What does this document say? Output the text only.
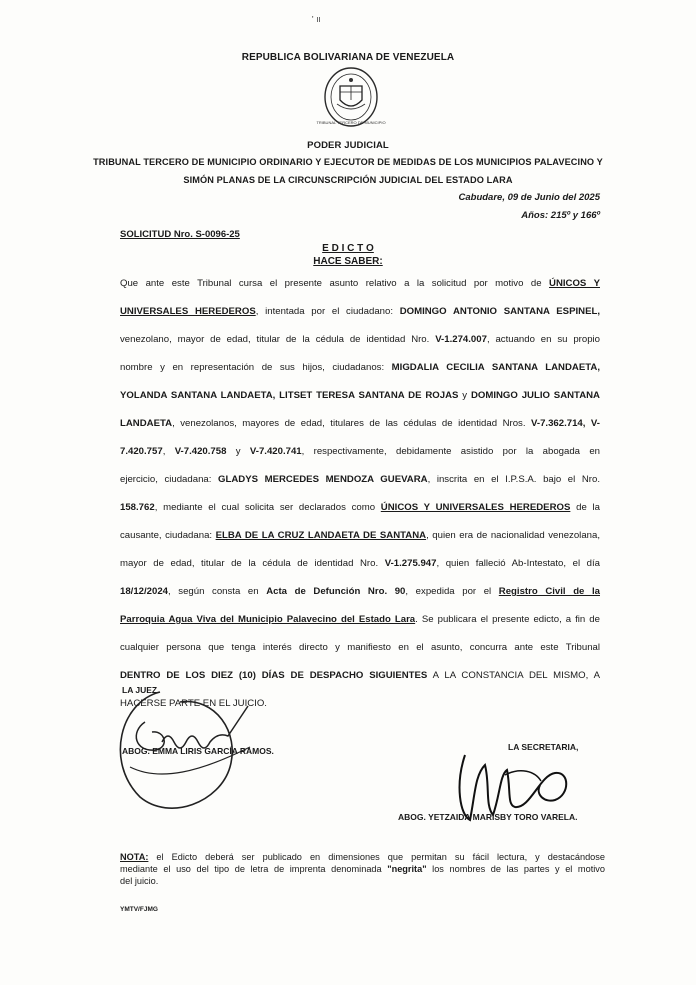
' ॥
REPUBLICA BOLIVARIANA DE VENEZUELA
TRIBUNAL TERCERO DE MUNICIPIO
PODER JUDICIAL
TRIBUNAL TERCERO DE MUNICIPIO ORDINARIO Y EJECUTOR DE MEDIDAS DE LOS MUNICIPIOS PALAVECINO Y
SIMÓN PLANAS DE LA CIRCUNSCRIPCIÓN JUDICIAL DEL ESTADO LARA
Cabudare, 09 de Junio del 2025
Años: 215º y 166º
SOLICITUD Nro. S-0096-25
E D I C T O
HACE SABER:
Que ante este Tribunal cursa el presente asunto relativo a la solicitud por motivo de ÚNICOS Y
UNIVERSALES HEREDEROS, intentada por el ciudadano: DOMINGO ANTONIO SANTANA ESPINEL,
venezolano, mayor de edad, titular de la cédula de identidad Nro. V-1.274.007, actuando en su propio
nombre y en representación de sus hijos, ciudadanos: MIGDALIA CECILIA SANTANA LANDAETA,
YOLANDA SANTANA LANDAETA, LITSET TERESA SANTANA DE ROJAS y DOMINGO JULIO SANTANA
LANDAETA, venezolanos, mayores de edad, titulares de las cédulas de identidad Nros. V-7.362.714, V-
7.420.757, V-7.420.758 y V-7.420.741, respectivamente, debidamente asistido por la abogada en
ejercicio, ciudadana: GLADYS MERCEDES MENDOZA GUEVARA, inscrita en el I.P.S.A. bajo el Nro.
158.762, mediante el cual solicita ser declarados como ÚNICOS Y UNIVERSALES HEREDEROS de la
causante, ciudadana: ELBA DE LA CRUZ LANDAETA DE SANTANA, quien era de nacionalidad venezolana,
mayor de edad, titular de la cédula de identidad Nro. V-1.275.947, quien falleció Ab-Intestato, el día
18/12/2024, según consta en Acta de Defunción Nro. 90, expedida por el Registro Civil de la
Parroquia Agua Viva del Municipio Palavecino del Estado Lara. Se publicara el presente edicto, a fin de
cualquier persona que tenga interés directo y manifiesto en el asunto, concurra ante este Tribunal
DENTRO DE LOS DIEZ (10) DÍAS DE DESPACHO SIGUIENTES A LA CONSTANCIA DEL MISMO, A
HACERSE PARTE EN EL JUICIO.
LA JUEZ.
ABOG. EMMA LIRIS GARCÍA RAMOS.	LA SECRETARIA,
ABOG. YETZAIDA MARISBY TORO VARELA.
NOTA: el Edicto deberá ser publicado en dimensiones que permitan su fácil lectura, y destacándose
mediante el uso del tipo de letra de imprenta denominada "negrita" los nombres de las partes y el motivo
del juicio.
YMTV/FJMG
